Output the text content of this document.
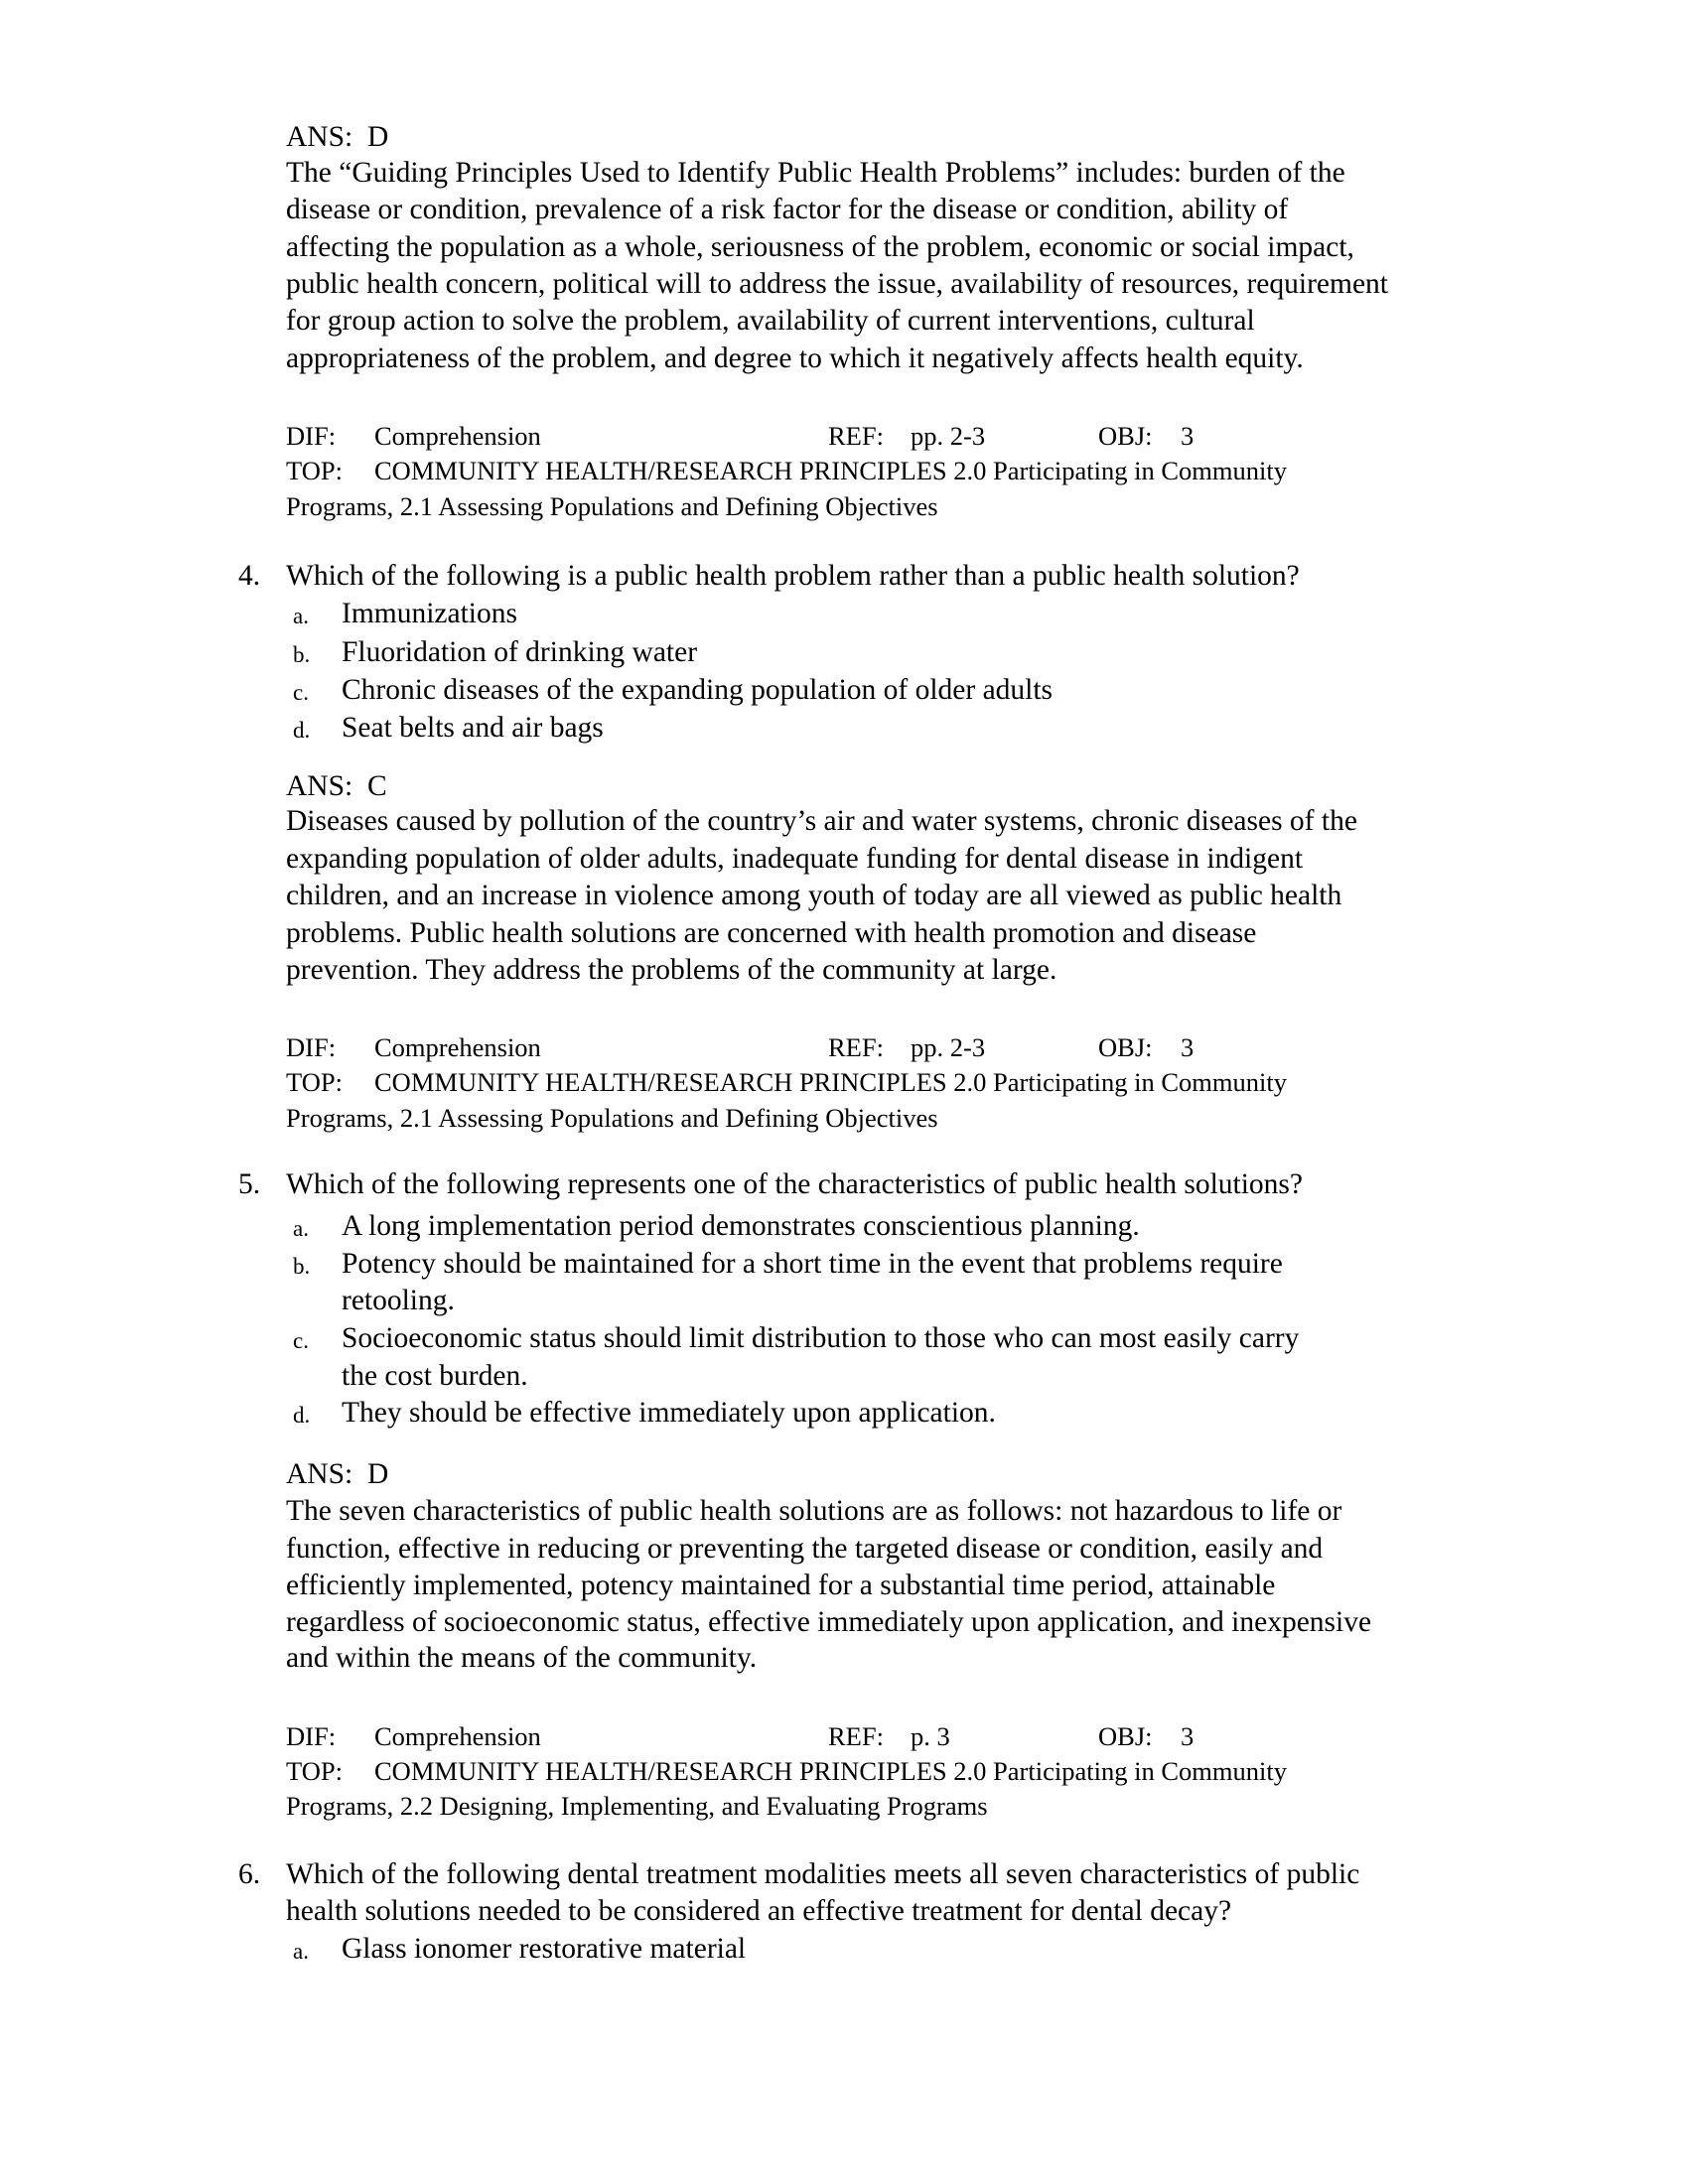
ANS: D
The “Guiding Principles Used to Identify Public Health Problems” includes: burden of the
disease or condition, prevalence of a risk factor for the disease or condition, ability of
affecting the population as a whole, seriousness of the problem, economic or social impact,
public health concern, political will to address the issue, availability of resources, requirement
for group action to solve the problem, availability of current interventions, cultural
appropriateness of the problem, and degree to which it negatively affects health equity.
DIF: Comprehension	REF: pp. 2-3	OBJ: 3
TOP: COMMUNITY HEALTH/RESEARCH PRINCIPLES 2.0 Participating in Community
Programs, 2.1 Assessing Populations and Defining Objectives
4. Which of the following is a public health problem rather than a public health solution?
a. Immunizations
b. Fluoridation of drinking water
c. Chronic diseases of the expanding population of older adults
d. Seat belts and air bags
ANS: C
Diseases caused by pollution of the country’s air and water systems, chronic diseases of the
expanding population of older adults, inadequate funding for dental disease in indigent
children, and an increase in violence among youth of today are all viewed as public health
problems. Public health solutions are concerned with health promotion and disease
prevention. They address the problems of the community at large.
DIF: Comprehension	REF: pp. 2-3	OBJ: 3
TOP: COMMUNITY HEALTH/RESEARCH PRINCIPLES 2.0 Participating in Community
Programs, 2.1 Assessing Populations and Defining Objectives
5. Which of the following represents one of the characteristics of public health solutions?
a. A long implementation period demonstrates conscientious planning.
b. Potency should be maintained for a short time in the event that problems require
retooling.
c. Socioeconomic status should limit distribution to those who can most easily carry
the cost burden.
d. They should be effective immediately upon application.
ANS: D
The seven characteristics of public health solutions are as follows: not hazardous to life or
function, effective in reducing or preventing the targeted disease or condition, easily and
efficiently implemented, potency maintained for a substantial time period, attainable
regardless of socioeconomic status, effective immediately upon application, and inexpensive
and within the means of the community.
DIF: Comprehension	REF: p. 3	OBJ: 3
TOP: COMMUNITY HEALTH/RESEARCH PRINCIPLES 2.0 Participating in Community
Programs, 2.2 Designing, Implementing, and Evaluating Programs
6. Which of the following dental treatment modalities meets all seven characteristics of public
health solutions needed to be considered an effective treatment for dental decay?
a. Glass ionomer restorative material
